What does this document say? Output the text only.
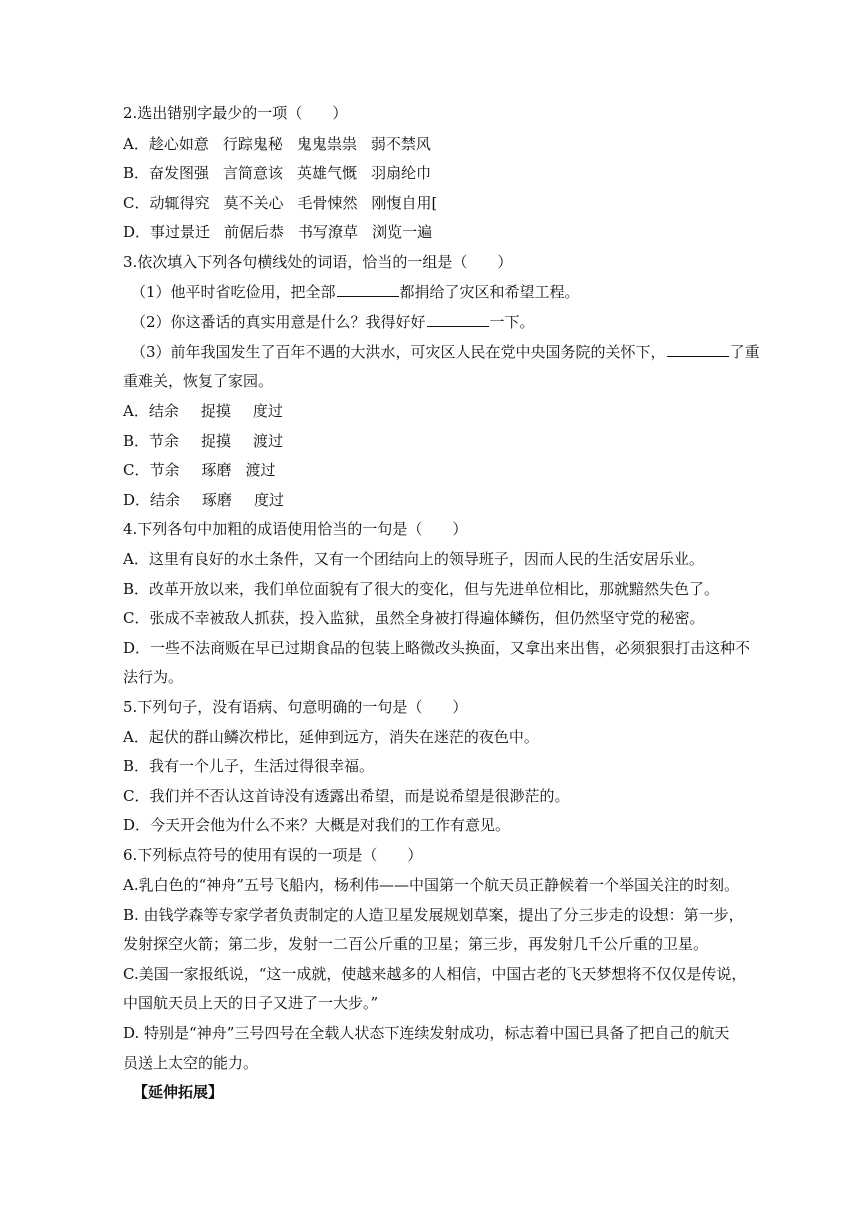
2.选出错别字最少的一项（　　）
A．趁心如意 行踪鬼秘 鬼鬼祟祟 弱不禁风
B．奋发图强 言简意该 英雄气慨 羽扇纶巾
C．动辄得究 莫不关心 毛骨悚然 刚愎自用[
D．事过景迁 前倨后恭 书写潦草 浏览一遍
3.依次填入下列各句横线处的词语，恰当的一组是（　　）
（1）他平时省吃俭用，把全部	都捐给了灾区和希望工程。
（2）你这番话的真实用意是什么？我得好好	一下。
（3）前年我国发生了百年不遇的大洪水，可灾区人民在党中央国务院的关怀下，	了重
重难关，恢复了家园。
A．结余 捉摸 度过
B．节余 捉摸 渡过
C．节余 琢磨 渡过
D．结余 琢磨 度过
4.下列各句中加粗的成语使用恰当的一句是（　　）
A．这里有良好的水土条件，又有一个团结向上的领导班子，因而人民的生活安居乐业。
B．改革开放以来，我们单位面貌有了很大的变化，但与先进单位相比，那就黯然失色了。
C．张成不幸被敌人抓获，投入监狱，虽然全身被打得遍体鳞伤，但仍然坚守党的秘密。
D．一些不法商贩在早已过期食品的包装上略微改头换面，又拿出来出售，必须狠狠打击这种不
法行为。
5.下列句子，没有语病、句意明确的一句是（　　）
A．起伏的群山鳞次栉比，延伸到远方，消失在迷茫的夜色中。
B．我有一个儿子，生活过得很幸福。
C．我们并不否认这首诗没有透露出希望，而是说希望是很渺茫的。
D．今天开会他为什么不来？大概是对我们的工作有意见。
6.下列标点符号的使用有误的一项是（　　）
A.乳白色的“神舟”五号飞船内，杨利伟——中国第一个航天员正静候着一个举国关注的时刻。
B. 由钱学森等专家学者负责制定的人造卫星发展规划草案，提出了分三步走的设想：第一步，
发射探空火箭；第二步，发射一二百公斤重的卫星；第三步，再发射几千公斤重的卫星。
C.美国一家报纸说，“这一成就，使越来越多的人相信，中国古老的飞天梦想将不仅仅是传说，
中国航天员上天的日子又进了一大步。”
D. 特别是“神舟”三号四号在全载人状态下连续发射成功，标志着中国已具备了把自己的航天
员送上太空的能力。
【延伸拓展】
